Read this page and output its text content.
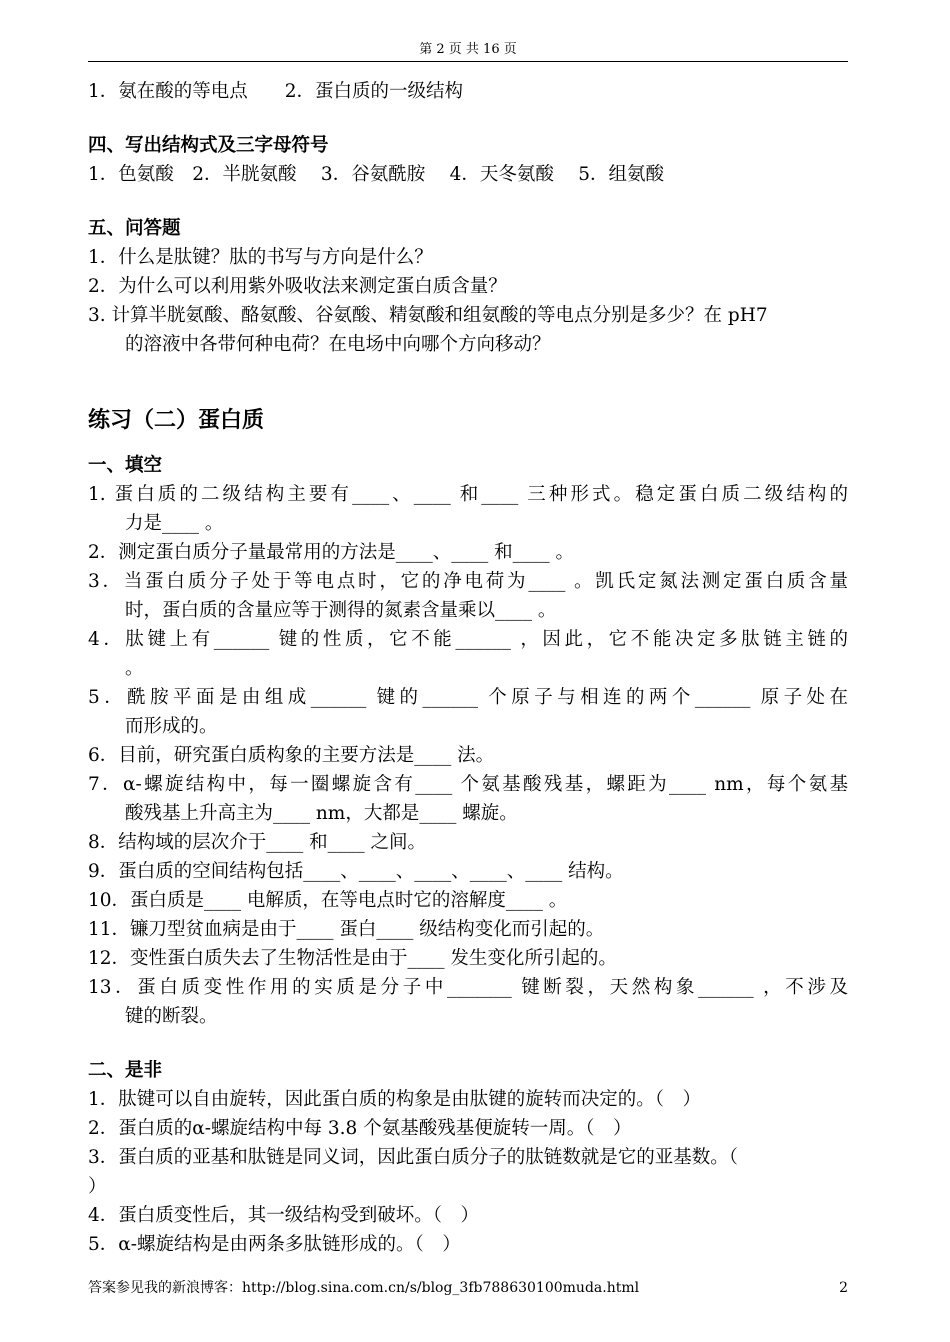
第 2 页 共 16 页
1．氨在酸的等电点　　2．蛋白质的一级结构
四、写出结构式及三字母符号
1．色氨酸　2．半胱氨酸　 3．谷氨酰胺　 4．天冬氨酸　 5．组氨酸
五、问答题
1．什么是肽键？肽的书写与方向是什么？
2．为什么可以利用紫外吸收法来测定蛋白质含量？
3. 计算半胱氨酸、酪氨酸、谷氨酸、精氨酸和组氨酸的等电点分别是多少？在 pH7
的溶液中各带何种电荷？在电场中向哪个方向移动？
练习（二）蛋白质
一、填空
1. 蛋白质的二级结构主要有____、____ 和____ 三种形式。稳定蛋白质二级结构的
力是____ 。
2．测定蛋白质分子量最常用的方法是____、____ 和____ 。
3．当蛋白质分子处于等电点时，它的净电荷为____ 。凯氏定氮法测定蛋白质含量
时，蛋白质的含量应等于测得的氮素含量乘以____ 。
4．肽键上有______ 键的性质，它不能______ ，因此，它不能决定多肽链主链的
。
5．酰胺平面是由组成______ 键的______ 个原子与相连的两个______ 原子处在
而形成的。
6．目前，研究蛋白质构象的主要方法是____ 法。
7．α-螺旋结构中，每一圈螺旋含有____ 个氨基酸残基，螺距为____ nm，每个氨基
酸残基上升高主为____ nm，大都是____ 螺旋。
8．结构域的层次介于____ 和____ 之间。
9．蛋白质的空间结构包括____、____、____、____、____ 结构。
10．蛋白质是____ 电解质，在等电点时它的溶解度____ 。
11．镰刀型贫血病是由于____ 蛋白____ 级结构变化而引起的。
12．变性蛋白质失去了生物活性是由于____ 发生变化所引起的。
13．蛋白质变性作用的实质是分子中_______ 键断裂，天然构象______ ，不涉及
键的断裂。
二、是非
1．肽键可以自由旋转，因此蛋白质的构象是由肽键的旋转而决定的。（　）
2．蛋白质的α-螺旋结构中每 3.8 个氨基酸残基便旋转一周。（　）
3．蛋白质的亚基和肽链是同义词，因此蛋白质分子的肽链数就是它的亚基数。（
）
4．蛋白质变性后，其一级结构受到破坏。（　）
5．α-螺旋结构是由两条多肽链形成的。（　）
答案参见我的新浪博客：http://blog.sina.com.cn/s/blog_3fb788630100muda.html	2
